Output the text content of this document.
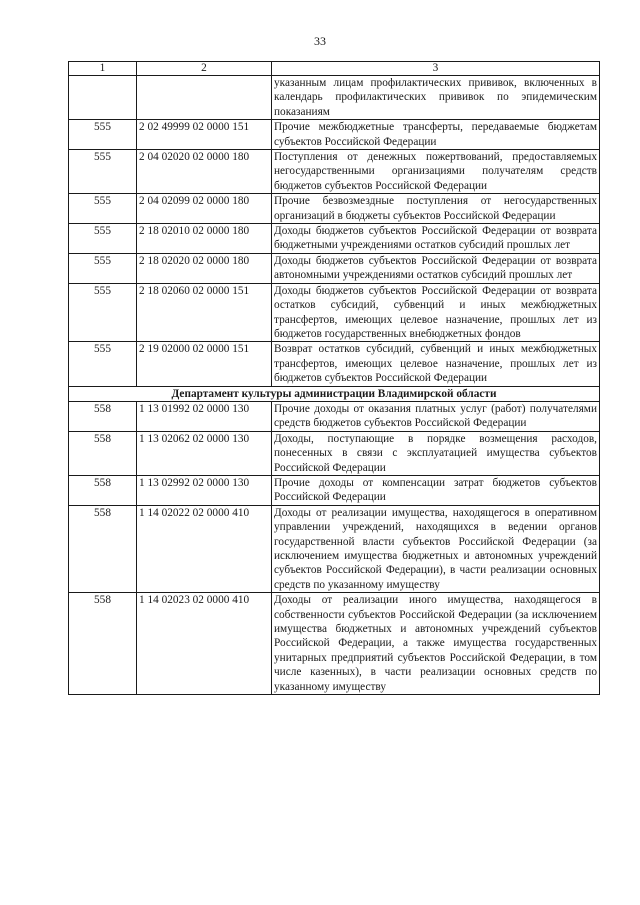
33
1	2	3
		указанным лицам профилактических прививок, включенных в календарь профилактических прививок по эпидемическим показаниям
555	2 02 49999 02 0000 151	Прочие межбюджетные трансферты, передаваемые бюджетам субъектов Российской Федерации
555	2 04 02020 02 0000 180	Поступления от денежных пожертвований, предоставляемых негосударственными организациями получателям средств бюджетов субъектов Российской Федерации
555	2 04 02099 02 0000 180	Прочие безвозмездные поступления от негосударственных организаций в бюджеты субъектов Российской Федерации
555	2 18 02010 02 0000 180	Доходы бюджетов субъектов Российской Федерации от возврата бюджетными учреждениями остатков субсидий прошлых лет
555	2 18 02020 02 0000 180	Доходы бюджетов субъектов Российской Федерации от возврата автономными учреждениями остатков субсидий прошлых лет
555	2 18 02060 02 0000 151	Доходы бюджетов субъектов Российской Федерации от возврата остатков субсидий, субвенций и иных межбюджетных трансфертов, имеющих целевое назначение, прошлых лет из бюджетов государственных внебюджетных фондов
555	2 19 02000 02 0000 151	Возврат остатков субсидий, субвенций и иных межбюджетных трансфертов, имеющих целевое назначение, прошлых лет из бюджетов субъектов Российской Федерации
Департамент культуры администрации Владимирской области		
558	1 13 01992 02 0000 130	Прочие доходы от оказания платных услуг (работ) получателями средств бюджетов субъектов Российской Федерации
558	1 13 02062 02 0000 130	Доходы, поступающие в порядке возмещения расходов, понесенных в связи с эксплуатацией имущества субъектов Российской Федерации
558	1 13 02992 02 0000 130	Прочие доходы от компенсации затрат бюджетов субъектов Российской Федерации
558	1 14 02022 02 0000 410	Доходы от реализации имущества, находящегося в оперативном управлении учреждений, находящихся в ведении органов государственной власти субъектов Российской Федерации (за исключением имущества бюджетных и автономных учреждений субъектов Российской Федерации), в части реализации основных средств по указанному имуществу
558	1 14 02023 02 0000 410	Доходы от реализации иного имущества, находящегося в собственности субъектов Российской Федерации (за исключением имущества бюджетных и автономных учреждений субъектов Российской Федерации, а также имущества государственных унитарных предприятий субъектов Российской Федерации, в том числе казенных), в части реализации основных средств по указанному имуществу
